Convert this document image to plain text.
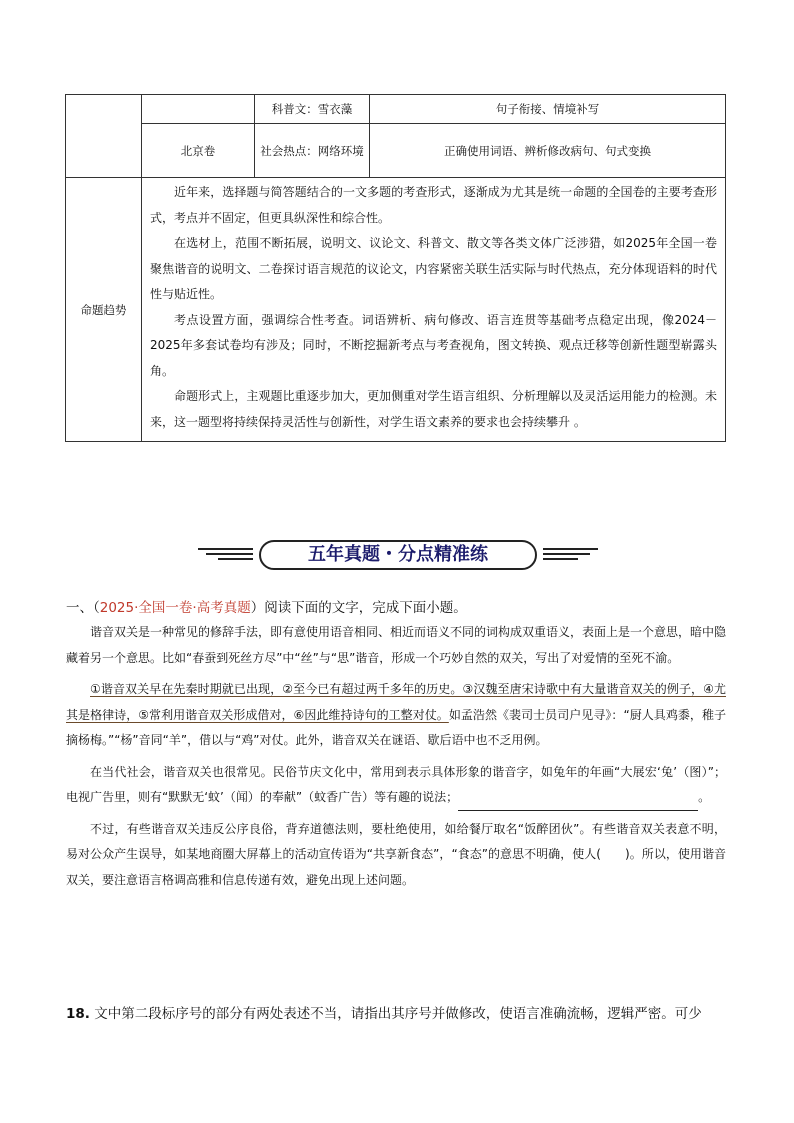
		科普文：雪衣藻	句子衔接、情境补写
	北京卷	社会热点：网络环境	正确使用词语、辨析修改病句、句式变换
命题趋势	近年来，选择题与简答题结合的一文多题的考查形式，逐渐成为尤其是统一命题的全国卷的主要考查形式，考点并不固定，但更具纵深性和综合性。

在选材上，范围不断拓展，说明文、议论文、科普文、散文等各类文体广泛涉猎，如2025年全国一卷聚焦谐音的说明文、二卷探讨语言规范的议论文，内容紧密关联生活实际与时代热点，充分体现语料的时代性与贴近性。

考点设置方面，强调综合性考查。词语辨析、病句修改、语言连贯等基础考点稳定出现，像2024－2025年多套试卷均有涉及；同时，不断挖掘新考点与考查视角，图文转换、观点迁移等创新性题型崭露头角。

命题形式上，主观题比重逐步加大，更加侧重对学生语言组织、分析理解以及灵活运用能力的检测。未来，这一题型将持续保持灵活性与创新性，对学生语文素养的要求也会持续攀升 。		

五年真题・分点精准练
一、（2025·全国一卷·高考真题）阅读下面的文字，完成下面小题。

谐音双关是一种常见的修辞手法，即有意使用语音相同、相近而语义不同的词构成双重语义，表面上是一个意思，暗中隐藏着另一个意思。比如“春蚕到死丝方尽”中“丝”与“思”谐音，形成一个巧妙自然的双关，写出了对爱情的至死不渝。

①谐音双关早在先秦时期就已出现，②至今已有超过两千多年的历史。③汉魏至唐宋诗歌中有大量谐音双关的例子，④尤其是格律诗，⑤常利用谐音双关形成借对，⑥因此维持诗句的工整对仗。如孟浩然《裴司士员司户见寻》：“厨人具鸡黍，稚子摘杨梅。”“杨”音同“羊”，借以与“鸡”对仗。此外，谐音双关在谜语、歇后语中也不乏用例。

在当代社会，谐音双关也很常见。民俗节庆文化中，常用到表示具体形象的谐音字，如兔年的年画“大展宏‘兔’（图）”；电视广告里，则有“默默无‘蚊’（闻）的奉献”（蚊香广告）等有趣的说法；	。

不过，有些谐音双关违反公序良俗，背弃道德法则，要杜绝使用，如给餐厅取名“饭醉团伙”。有些谐音双关表意不明，易对公众产生误导，如某地商圈大屏幕上的活动宣传语为“共享新食态”，“食态”的意思不明确，使人(　　)。所以，使用谐音双关，要注意语言格调高雅和信息传递有效，避免出现上述问题。

18. 文中第二段标序号的部分有两处表述不当，请指出其序号并做修改，使语言准确流畅，逻辑严密。可少
